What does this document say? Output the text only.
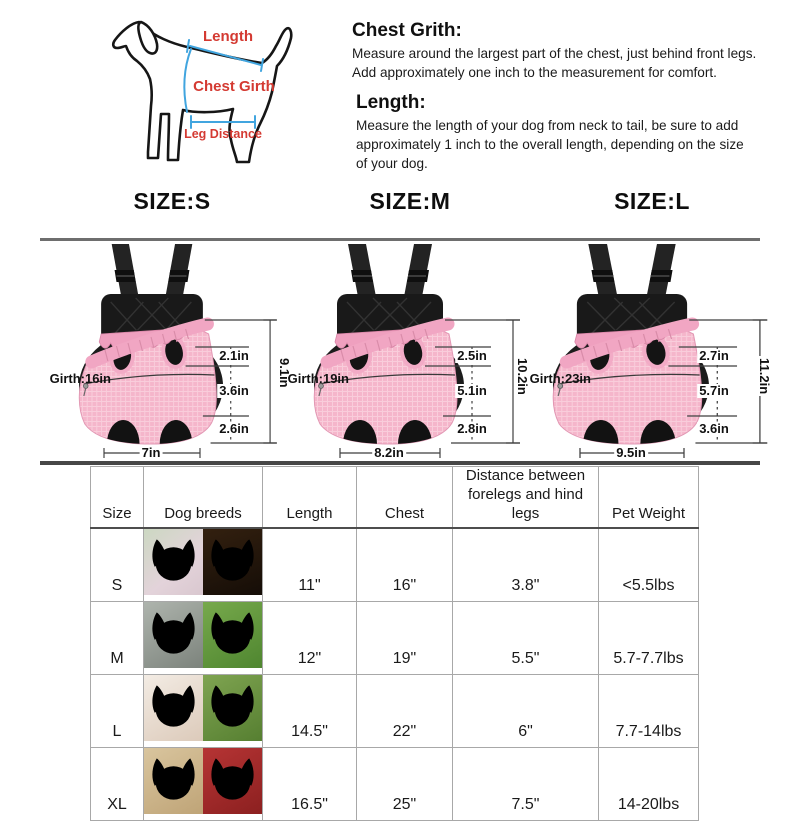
Length
Chest Girth
Leg Distance
Chest Grith:

Measure around the largest part of the chest, just behind front legs. Add approximately one inch to the measurement for comfort.

Length:

Measure the length of your dog from neck to tail, be sure to add approximately 1 inch to the overall length, depending on the size of your dog.

SIZE:S	SIZE:M	SIZE:L
Girth:16in
2.1in
3.6in
2.6in
9.1in
7in
Girth:19in
2.5in
5.1in
2.8in
10.2in
8.2in
Girth:23in
2.7in
5.7in
3.6in
11.2in
9.5in
Size	Dog breeds	Length	Chest	Distance between
forelegs and hind legs	Pet Weight
S		11"	16"	3.8"	<5.5lbs
M		12"	19"	5.5"	5.7-7.7lbs
L		14.5"	22"	6"	7.7-14lbs
XL		16.5"	25"	7.5"	14-20lbs
